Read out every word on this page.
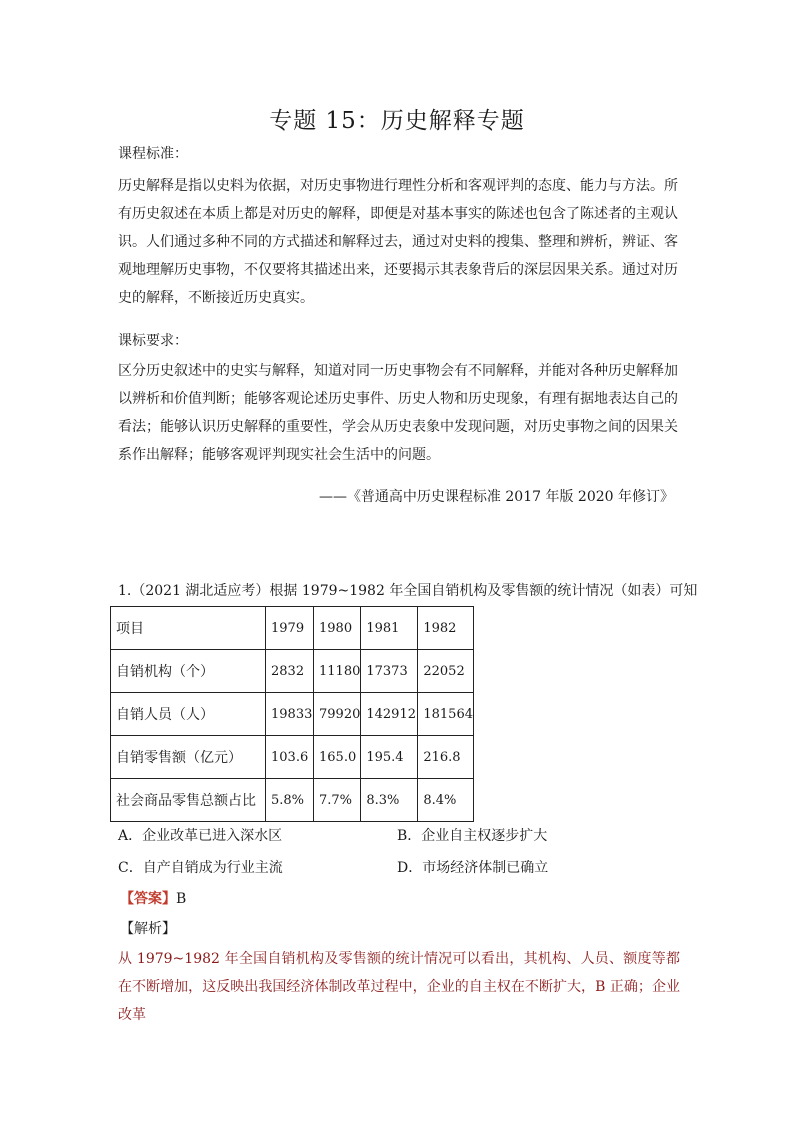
专题 15：历史解释专题
课程标准：
历史解释是指以史料为依据，对历史事物进行理性分析和客观评判的态度、能力与方法。所有历史叙述在本质上都是对历史的解释，即便是对基本事实的陈述也包含了陈述者的主观认识。人们通过多种不同的方式描述和解释过去，通过对史料的搜集、整理和辨析，辨证、客观地理解历史事物，不仅要将其描述出来，还要揭示其表象背后的深层因果关系。通过对历史的解释，不断接近历史真实。
课标要求：
区分历史叙述中的史实与解释，知道对同一历史事物会有不同解释，并能对各种历史解释加以辨析和价值判断；能够客观论述历史事件、历史人物和历史现象，有理有据地表达自己的看法；能够认识历史解释的重要性，学会从历史表象中发现问题，对历史事物之间的因果关系作出解释；能够客观评判现实社会生活中的问题。
——《普通高中历史课程标准 2017 年版 2020 年修订》
1.（2021 湖北适应考）根据 1979~1982 年全国自销机构及零售额的统计情况（如表）可知
项目	1979	1980	1981	1982
自销机构（个）	2832	11180	17373	22052
自销人员（人）	19833	79920	142912	181564
自销零售额（亿元）	103.6	165.0	195.4	216.8
社会商品零售总额占比	5.8%	7.7%	8.3%	8.4%
A．企业改革已进入深水区	B．企业自主权逐步扩大
C．自产自销成为行业主流	D．市场经济体制已确立
【答案】B
【解析】
从 1979~1982 年全国自销机构及零售额的统计情况可以看出，其机构、人员、额度等都在不断增加，这反映出我国经济体制改革过程中，企业的自主权在不断扩大，B 正确；企业改革
